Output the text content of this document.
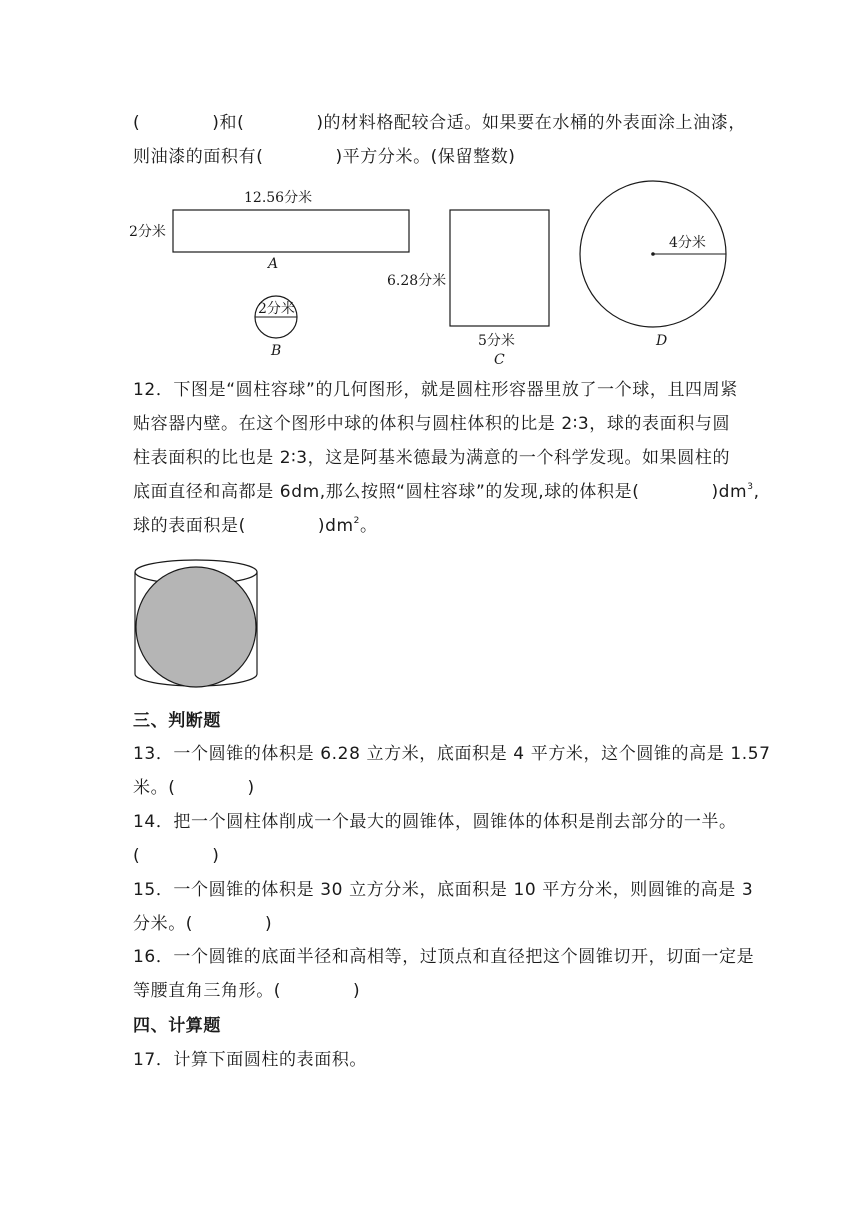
(	)和(	)的材料格配较合适。如果要在水桶的外表面涂上油漆，
则油漆的面积有(	)平方分米。(保留整数)
12.56分米
2分米
A
2分米
B
6.28分米
5分米
C
4分米
D
12．下图是“圆柱容球”的几何图形，就是圆柱形容器里放了一个球，且四周紧
贴容器内壁。在这个图形中球的体积与圆柱体积的比是 2∶3，球的表面积与圆
柱表面积的比也是 2∶3，这是阿基米德最为满意的一个科学发现。如果圆柱的
底面直径和高都是 6dm,那么按照“圆柱容球”的发现,球的体积是(	)$dm^3$,
球的表面积是(	)$dm^2$。
三、判断题
13．一个圆锥的体积是 6.28 立方米，底面积是 4 平方米，这个圆锥的高是 1.57
米。(	)
14．把一个圆柱体削成一个最大的圆锥体，圆锥体的体积是削去部分的一半。
(	)
15．一个圆锥的体积是 30 立方分米，底面积是 10 平方分米，则圆锥的高是 3
分米。(	)
16．一个圆锥的底面半径和高相等，过顶点和直径把这个圆锥切开，切面一定是
等腰直角三角形。(	)
四、计算题
17．计算下面圆柱的表面积。
